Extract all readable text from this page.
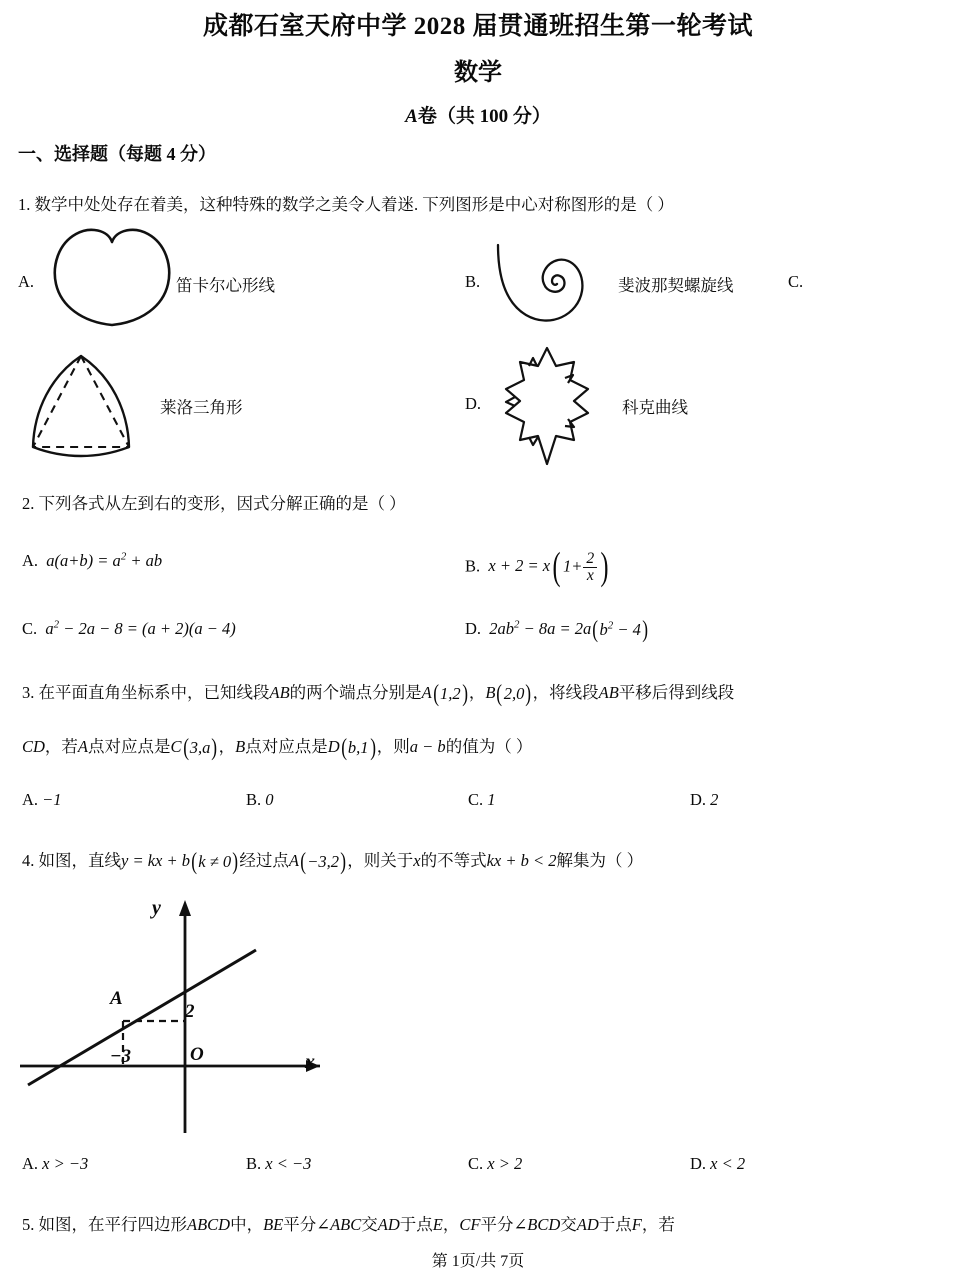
成都石室天府中学 2028 届贯通班招生第一轮考试
数学
A卷（共 100 分）
一、选择题（每题 4 分）
1. 数学中处处存在着美，这种特殊的数学之美令人着迷. 下列图形是中心对称图形的是（ ）
A.	笛卡尔心形线	B.	斐波那契螺旋线	C.
莱洛三角形	D.	科克曲线
2. 下列各式从左到右的变形，因式分解正确的是（ ）
A.  $a(a+b) = a^2$ + ab	B.  x + 2 = x ( $1+ \frac{2}{x}$ )
C.  $a^2 - 2a - 8 = (a + 2)(a - 4)$	D.  $2ab^2 - 8a = 2a$ ( $b^2 - 4$ )
3. 在平面直角坐标系中，已知线段AB的两个端点分别是A ( 1,2 ) ，B ( 2,0 ) ，将线段AB平移后得到线段
CD，若A点对应点是C ( 3,a ) ，B点对应点是D ( b,1 ) ，则a − b的值为（ ）
A. −1	B. 0	C. 1	D. 2
4. 如图，直线y = kx + b ( k ≠ 0 ) 经过点A ( −3,2 ) ，则关于x的不等式kx + b < 2解集为（ ）
y
x
O
A
−3
2
A. x > −3	B. x < −3	C. x > 2	D. x < 2
5. 如图，在平行四边形ABCD中，BE平分∠ABC交AD于点E，CF平分∠BCD交AD于点F，若
第 1页/共 7页
